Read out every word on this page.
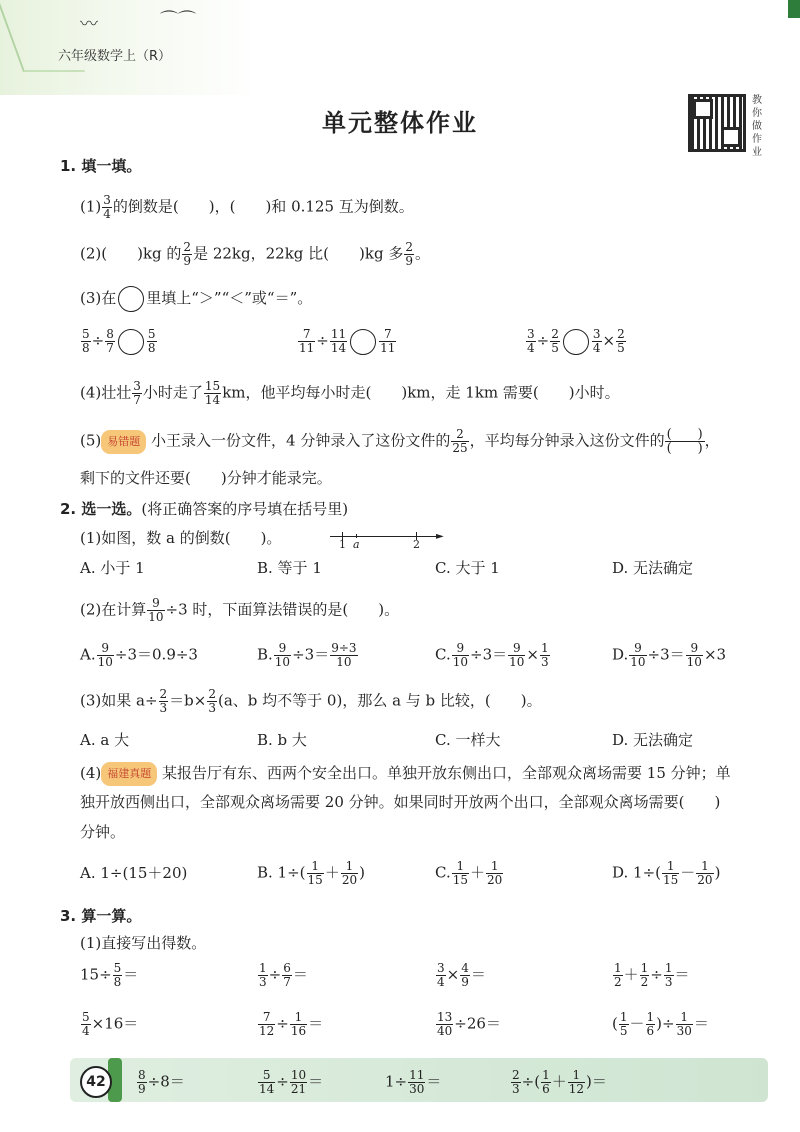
〰	⌒⌒
六年级数学上（R）
单元整体作业
教你做作业
1. 填一填。
$(1) \frac{3}{4}$ 的倒数是(　　)，(　　)和 0.125 互为倒数。
(2)(　　)kg 的 $\frac{2}{9}$ 是 22kg，22kg 比(　　)kg 多 $\frac{2}{9}$ 。
(3)在 里填上“＞”“＜”或“＝”。
$\frac{5}{8} \div \frac{8}{7}$	$\frac{5}{8}$	$\frac{7}{11} \div \frac{11}{14}$	$\frac{7}{11}$	$\frac{3}{4} \div \frac{2}{5}$	$\frac{3}{4} \times \frac{2}{5}$
(4)壮壮 $\frac{3}{7}$ 小时走了 $\frac{15}{14}$ km，他平均每小时走(　　)km，走 1km 需要(　　)小时。
(5) 易错题 小王录入一份文件，4 分钟录入了这份文件的 $\frac{2}{25}$ ，平均每分钟录入这份文件的 (　　)
(　　) ，
剩下的文件还要(　　)分钟才能录完。
2. 选一选。(将正确答案的序号填在括号里)
(1)如图，数 a 的倒数(　　)。	►
1 a	2
A. 小于 1	B. 等于 1	C. 大于 1	D. 无法确定
(2)在计算 $\frac{9}{10} \div 3$ 时，下面算法错误的是(　　)。
A. $\frac{9}{10} \div 3=0.9\div 3$	B. $\frac{9}{10} \div 3= \frac{9\div 3}{10}$	C. $\frac{9}{10} \div 3= \frac{9}{10} \times \frac{1}{3}$	D. $\frac{9}{10} \div 3= \frac{9}{10} \times 3$
(3)如果 $a\div \frac{2}{3} =b\times \frac{2}{3} (a$、b 均不等于 0)，那么 a 与 b 比较，(　　)。
A. a 大	B. b 大	C. 一样大	D. 无法确定
(4) 福建真题 某报告厅有东、西两个安全出口。单独开放东侧出口，全部观众离场需要 15 分钟；单
独开放西侧出口，全部观众离场需要 20 分钟。如果同时开放两个出口，全部观众离场需要(　　)
分钟。
A. 1÷(15＋20)	B. $1\div( \frac{1}{15} + \frac{1}{20}$ )	C. $\frac{1}{15} + \frac{1}{20}$	D. $1\div( \frac{1}{15} - \frac{1}{20}$ )
3. 算一算。
(1)直接写出得数。
$15\div \frac{5}{8}$ ＝	$\frac{1}{3} \div \frac{6}{7}$ ＝	$\frac{3}{4} \times \frac{4}{9}$ ＝	$\frac{1}{2} + \frac{1}{2} \div \frac{1}{3}$ ＝
$\frac{5}{4} \times 16=$	$\frac{7}{12} \div \frac{1}{16}$ ＝	$\frac{13}{40} \div 26=$	( $\frac{1}{5} - \frac{1}{6}$ )÷ $\frac{1}{30}$ ＝
42	$\frac{8}{9} \div 8=$	$\frac{5}{14} \div \frac{10}{21}$ ＝	$1\div \frac{11}{30}$ ＝	$\frac{2}{3}$ ÷( $\frac{1}{6} + \frac{1}{12}$ )＝
